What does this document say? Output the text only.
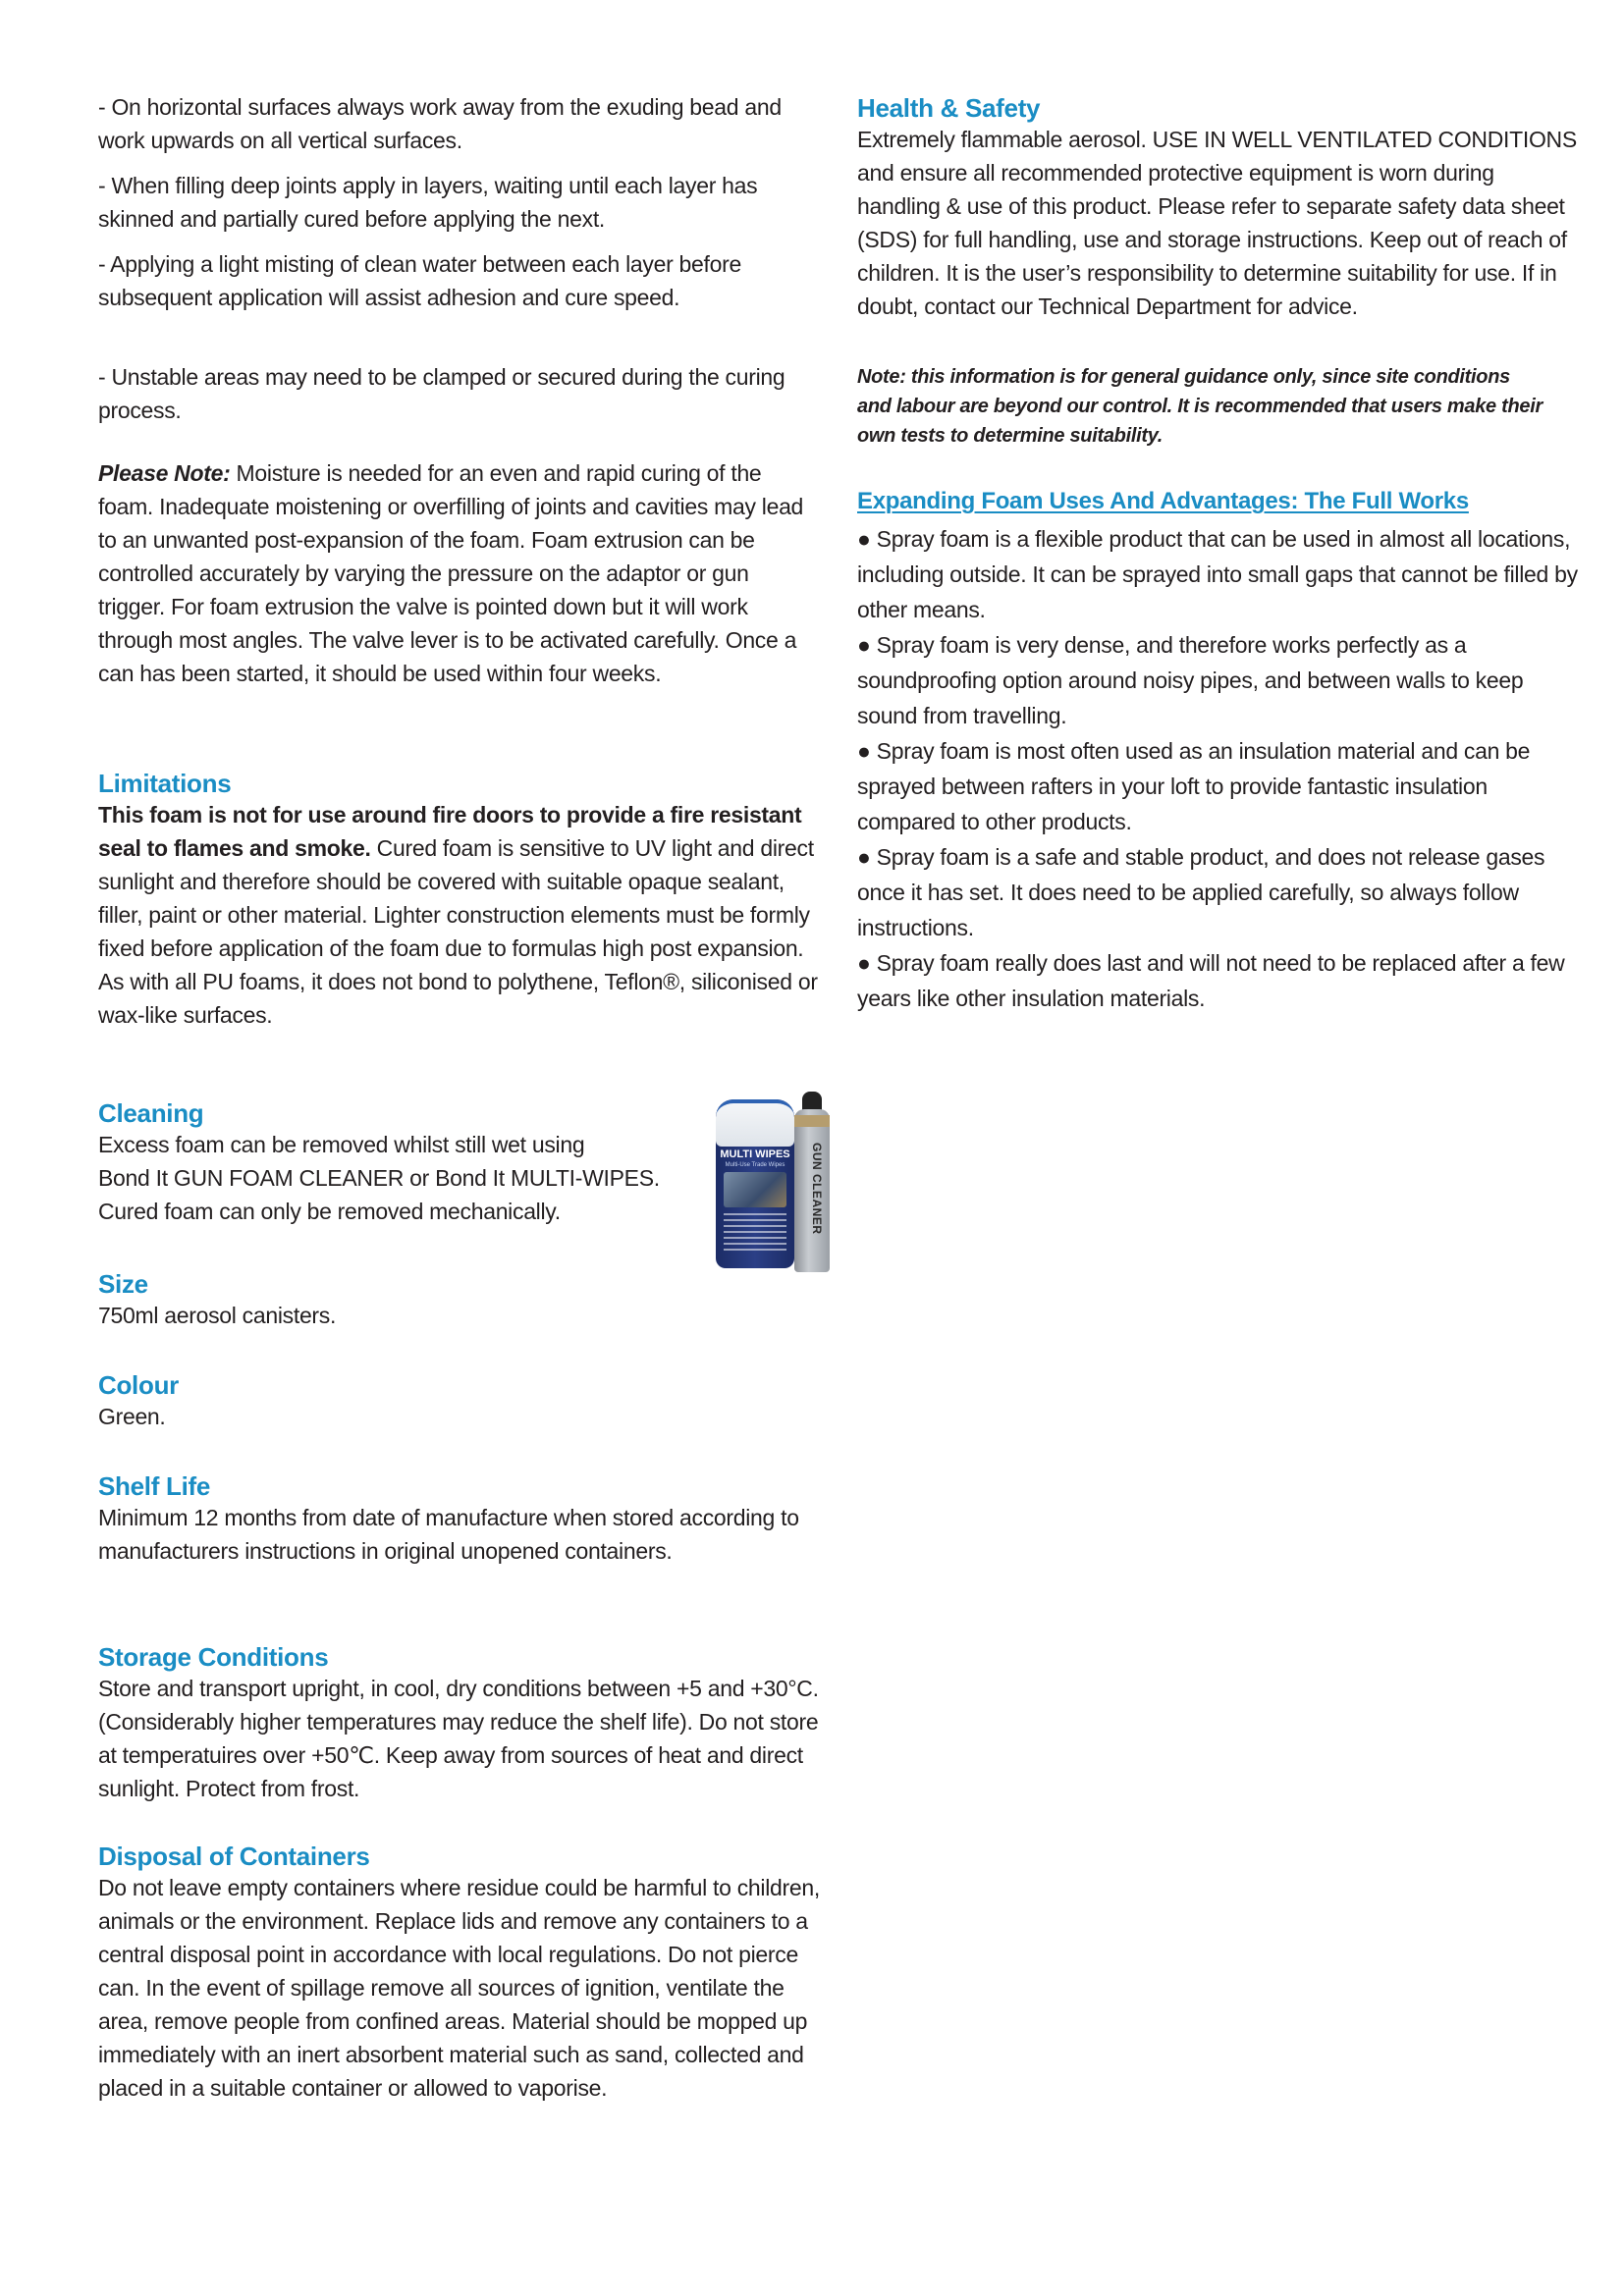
- On horizontal surfaces always work away from the exuding bead and work upwards on all vertical surfaces.

- When filling deep joints apply in layers, waiting until each layer has skinned and partially cured before applying the next.

- Applying a light misting of clean water between each layer before subsequent application will assist adhesion and cure speed.

- Unstable areas may need to be clamped or secured during the curing process.

Please Note: Moisture is needed for an even and rapid curing of the foam. Inadequate moistening or overfilling of joints and cavities may lead to an unwanted post-expansion of the foam. Foam extrusion can be controlled accurately by varying the pressure on the adaptor or gun trigger. For foam extrusion the valve is pointed down but it will work through most angles. The valve lever is to be activated carefully. Once a can has been started, it should be used within four weeks.

Limitations

This foam is not for use around fire doors to provide a fire resistant seal to flames and smoke. Cured foam is sensitive to UV light and direct sunlight and therefore should be covered with suitable opaque sealant, filler, paint or other material. Lighter construction elements must be formly fixed before application of the foam due to formulas high post expansion. As with all PU foams, it does not bond to polythene, Teflon®, siliconised or wax-like surfaces.

Cleaning

Excess foam can be removed whilst still wet using
Bond It GUN FOAM CLEANER or Bond It MULTI-WIPES.
Cured foam can only be removed mechanically.

MULTI WIPES
Multi-Use Trade Wipes	GUN CLEANER
Size

750ml aerosol canisters.

Colour

Green.

Shelf Life

Minimum 12 months from date of manufacture when stored according to manufacturers instructions in original unopened containers.

Storage Conditions

Store and transport upright, in cool, dry conditions between +5 and +30°C. (Considerably higher temperatures may reduce the shelf life). Do not store at temperatuires over +50℃. Keep away from sources of heat and direct sunlight. Protect from frost.

Disposal of Containers

Do not leave empty containers where residue could be harmful to children, animals or the environment. Replace lids and remove any containers to a central disposal point in accordance with local regulations. Do not pierce can. In the event of spillage remove all sources of ignition, ventilate the area, remove people from confined areas. Material should be mopped up immediately with an inert absorbent material such as sand, collected and placed in a suitable container or allowed to vaporise.

Health & Safety

Extremely flammable aerosol. USE IN WELL VENTILATED CONDITIONS and ensure all recommended protective equipment is worn during handling & use of this product. Please refer to separate safety data sheet (SDS) for full handling, use and storage instructions. Keep out of reach of children. It is the user’s responsibility to determine suitability for use. If in doubt, contact our Technical Department for advice.

Note: this information is for general guidance only, since site conditions and labour are beyond our control. It is recommended that users make their own tests to determine suitability.

Expanding Foam Uses And Advantages: The Full Works

● Spray foam is a flexible product that can be used in almost all locations, including outside. It can be sprayed into small gaps that cannot be filled by other means.

● Spray foam is very dense, and therefore works perfectly as a soundproofing option around noisy pipes, and between walls to keep sound from travelling.

● Spray foam is most often used as an insulation material and can be sprayed between rafters in your loft to provide fantastic insulation compared to other products.

● Spray foam is a safe and stable product, and does not release gases once it has set. It does need to be applied carefully, so always follow instructions.

● Spray foam really does last and will not need to be replaced after a few years like other insulation materials.
